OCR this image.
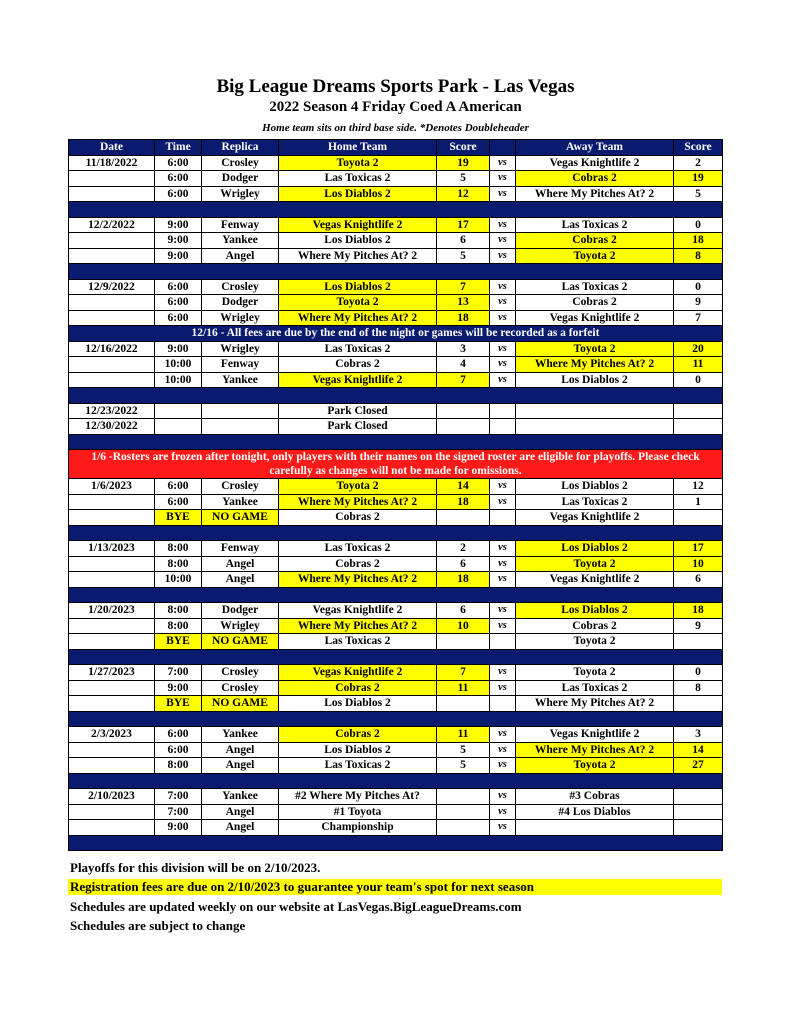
Big League Dreams Sports Park - Las Vegas
2022 Season 4 Friday Coed A American
Home team sits on third base side. *Denotes Doubleheader
Date	Time	Replica	Home Team	Score		Away Team	Score
11/18/2022	6:00	Crosley	Toyota 2	19	vs	Vegas Knightlife 2	2
	6:00	Dodger	Las Toxicas 2	5	vs	Cobras 2	19
	6:00	Wrigley	Los Diablos 2	12	vs	Where My Pitches At? 2	5

12/2/2022	9:00	Fenway	Vegas Knightlife 2	17	vs	Las Toxicas 2	0
	9:00	Yankee	Los Diablos 2	6	vs	Cobras 2	18
	9:00	Angel	Where My Pitches At? 2	5	vs	Toyota 2	8

12/9/2022	6:00	Crosley	Los Diablos 2	7	vs	Las Toxicas 2	0
	6:00	Dodger	Toyota 2	13	vs	Cobras 2	9
	6:00	Wrigley	Where My Pitches At? 2	18	vs	Vegas Knightlife 2	7
12/16 - All fees are due by the end of the night or games will be recorded as a forfeit							
12/16/2022	9:00	Wrigley	Las Toxicas 2	3	vs	Toyota 2	20
	10:00	Fenway	Cobras 2	4	vs	Where My Pitches At? 2	11
	10:00	Yankee	Vegas Knightlife 2	7	vs	Los Diablos 2	0

12/23/2022			Park Closed				
12/30/2022			Park Closed				

1/6 -Rosters are frozen after tonight, only players with their names on the signed roster are eligible for playoffs. Please check carefully as changes will not be made for omissions.							
1/6/2023	6:00	Crosley	Toyota 2	14	vs	Los Diablos 2	12
	6:00	Yankee	Where My Pitches At? 2	18	vs	Las Toxicas 2	1
	BYE	NO GAME	Cobras 2			Vegas Knightlife 2	

1/13/2023	8:00	Fenway	Las Toxicas 2	2	vs	Los Diablos 2	17
	8:00	Angel	Cobras 2	6	vs	Toyota 2	10
	10:00	Angel	Where My Pitches At? 2	18	vs	Vegas Knightlife 2	6

1/20/2023	8:00	Dodger	Vegas Knightlife 2	6	vs	Los Diablos 2	18
	8:00	Wrigley	Where My Pitches At? 2	10	vs	Cobras 2	9
	BYE	NO GAME	Las Toxicas 2			Toyota 2	

1/27/2023	7:00	Crosley	Vegas Knightlife 2	7	vs	Toyota 2	0
	9:00	Crosley	Cobras 2	11	vs	Las Toxicas 2	8
	BYE	NO GAME	Los Diablos 2			Where My Pitches At? 2	

2/3/2023	6:00	Yankee	Cobras 2	11	vs	Vegas Knightlife 2	3
	6:00	Angel	Los Diablos 2	5	vs	Where My Pitches At? 2	14
	8:00	Angel	Las Toxicas 2	5	vs	Toyota 2	27

2/10/2023	7:00	Yankee	#2 Where My Pitches At?		vs	#3 Cobras	
	7:00	Angel	#1 Toyota		vs	#4 Los Diablos	
	9:00	Angel	Championship		vs		

Playoffs for this division will be on 2/10/2023.
Registration fees are due on 2/10/2023 to guarantee your team's spot for next season
Schedules are updated weekly on our website at LasVegas.BigLeagueDreams.com
Schedules are subject to change
